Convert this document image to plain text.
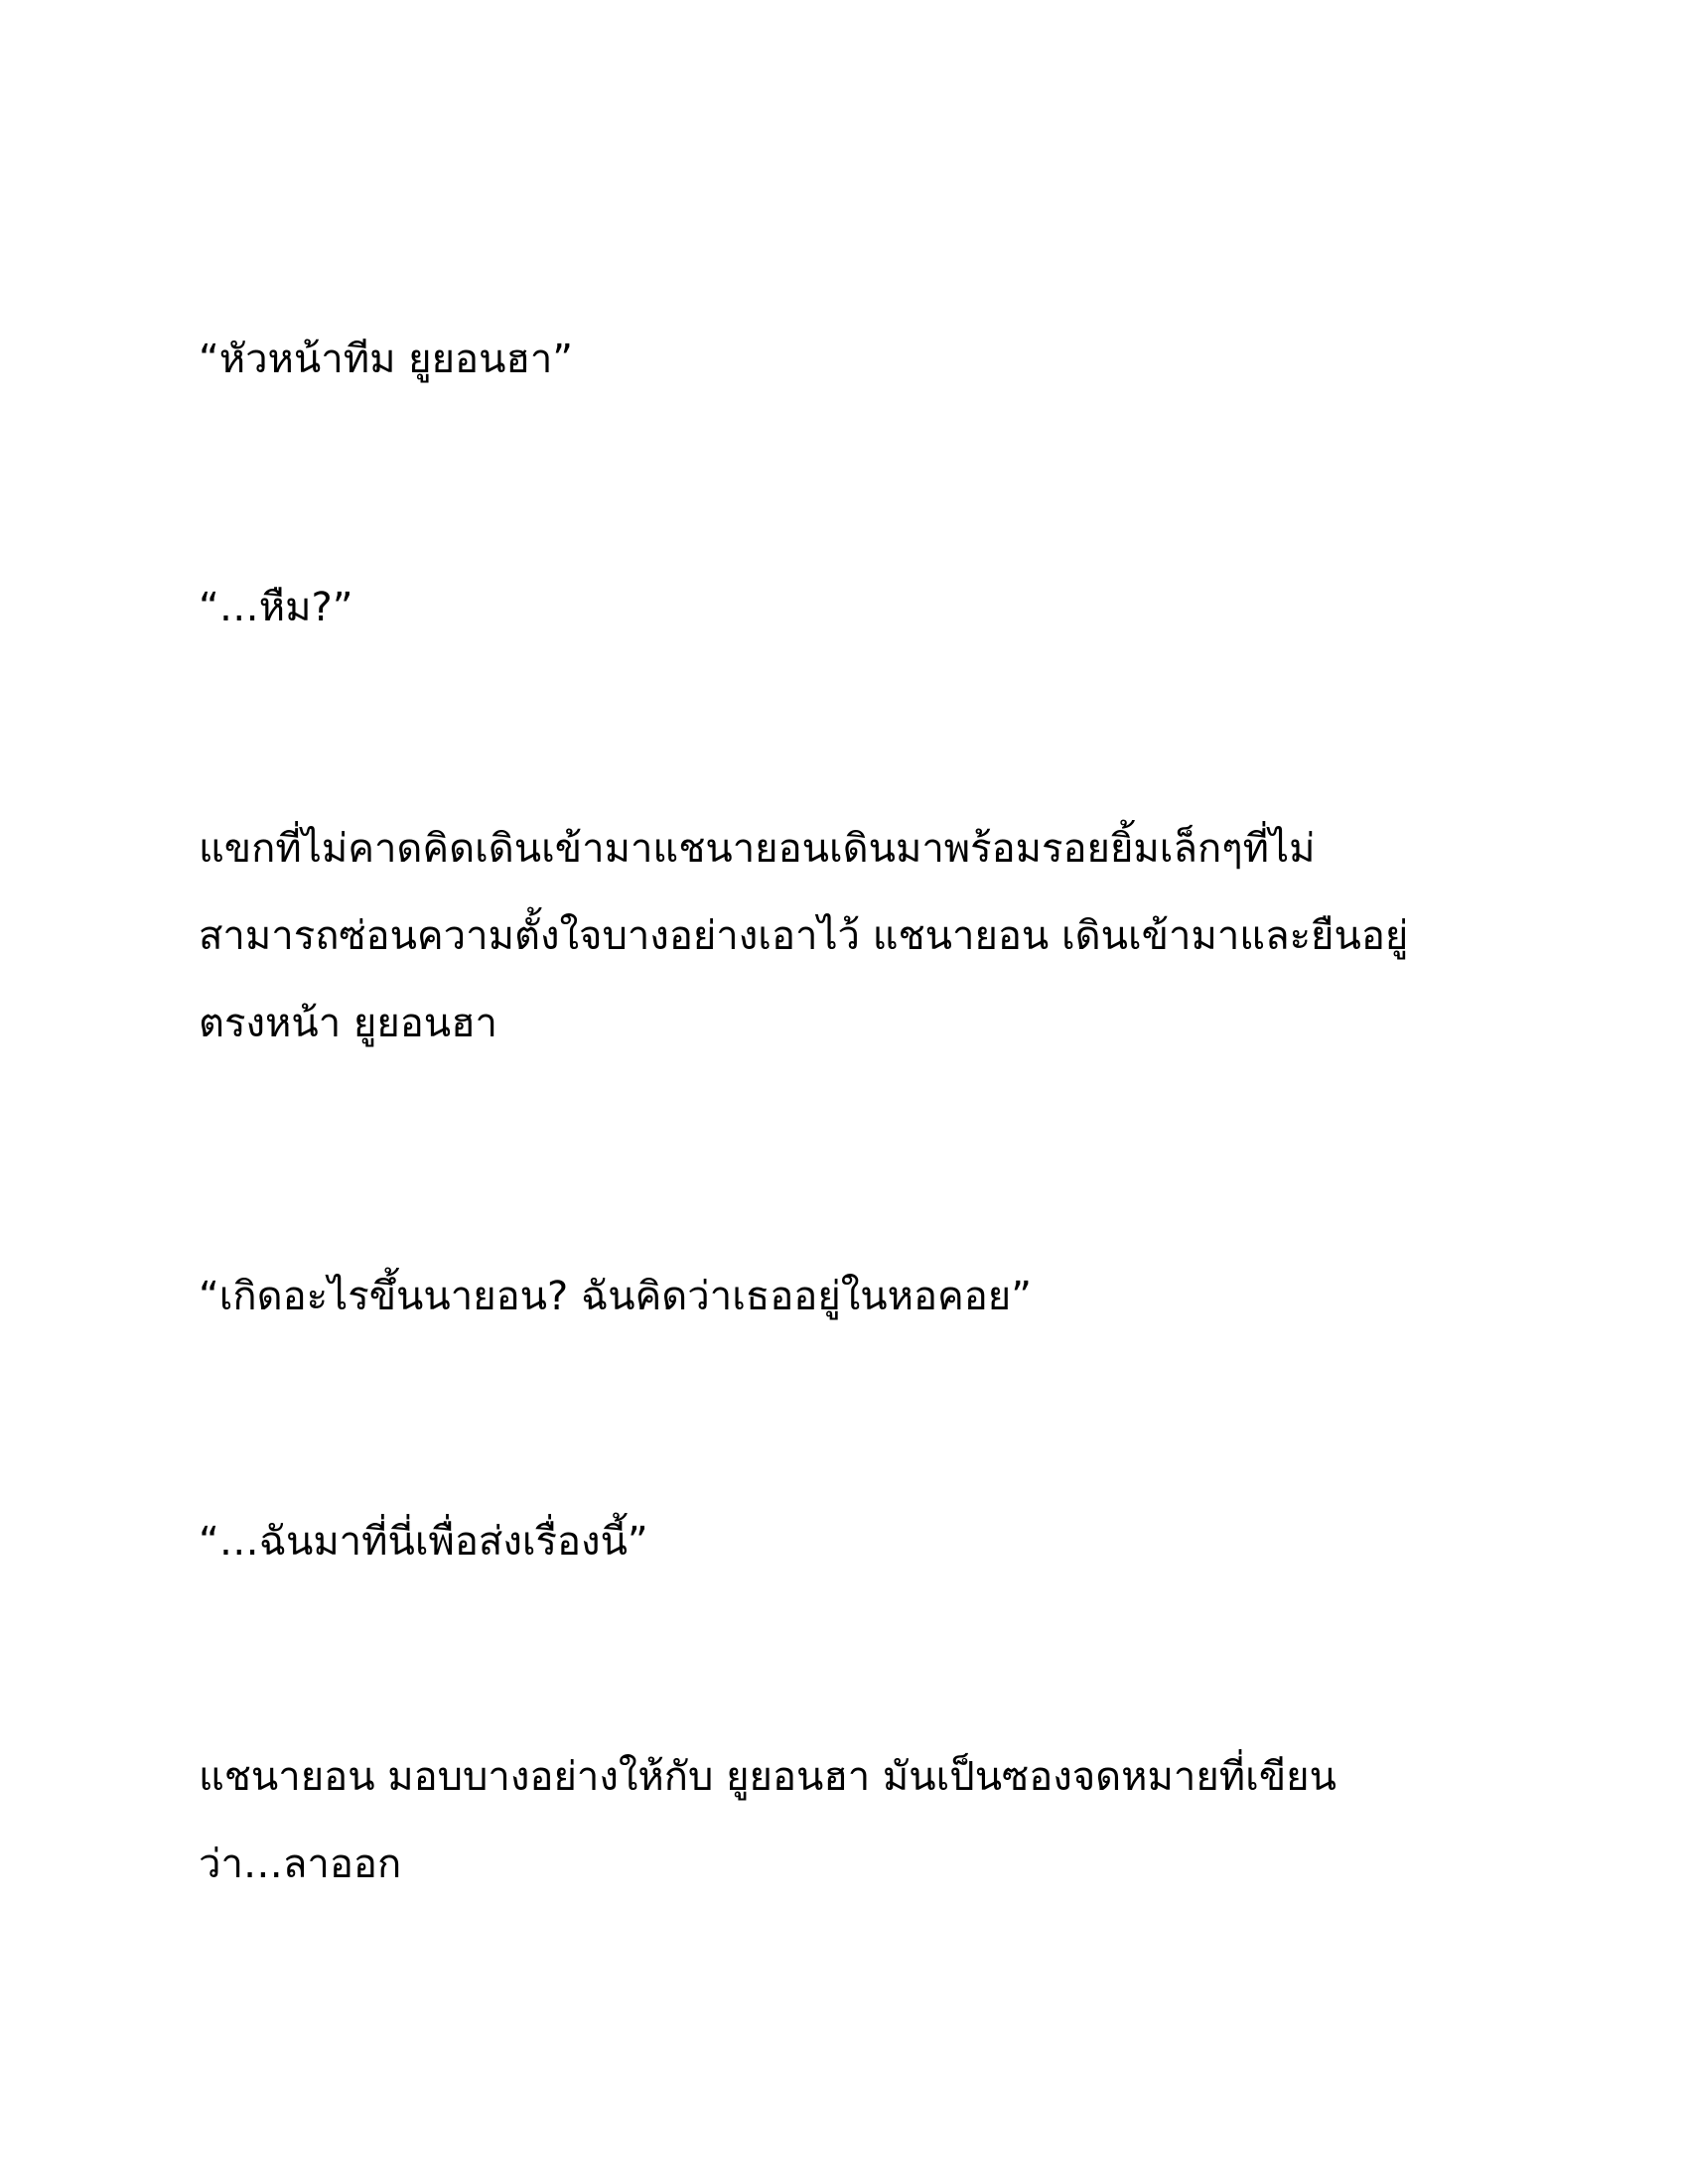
“หัวหน้าทีม ยูยอนฮา”

“…หืม?”

แขกที่ไม่คาดคิดเดินเข้ามาแชนายอนเดินมาพร้อมรอยยิ้มเล็กๆที่ไม่
สามารถซ่อนความตั้งใจบางอย่างเอาไว้ แชนายอน เดินเข้ามาและยืนอยู่
ตรงหน้า ยูยอนฮา

“เกิดอะไรขึ้นนายอน? ฉันคิดว่าเธออยู่ในหอคอย”

“…ฉันมาที่นี่เพื่อส่งเรื่องนี้”

แชนายอน มอบบางอย่างให้กับ ยูยอนฮา มันเป็นซองจดหมายที่เขียน
ว่า…ลาออก
